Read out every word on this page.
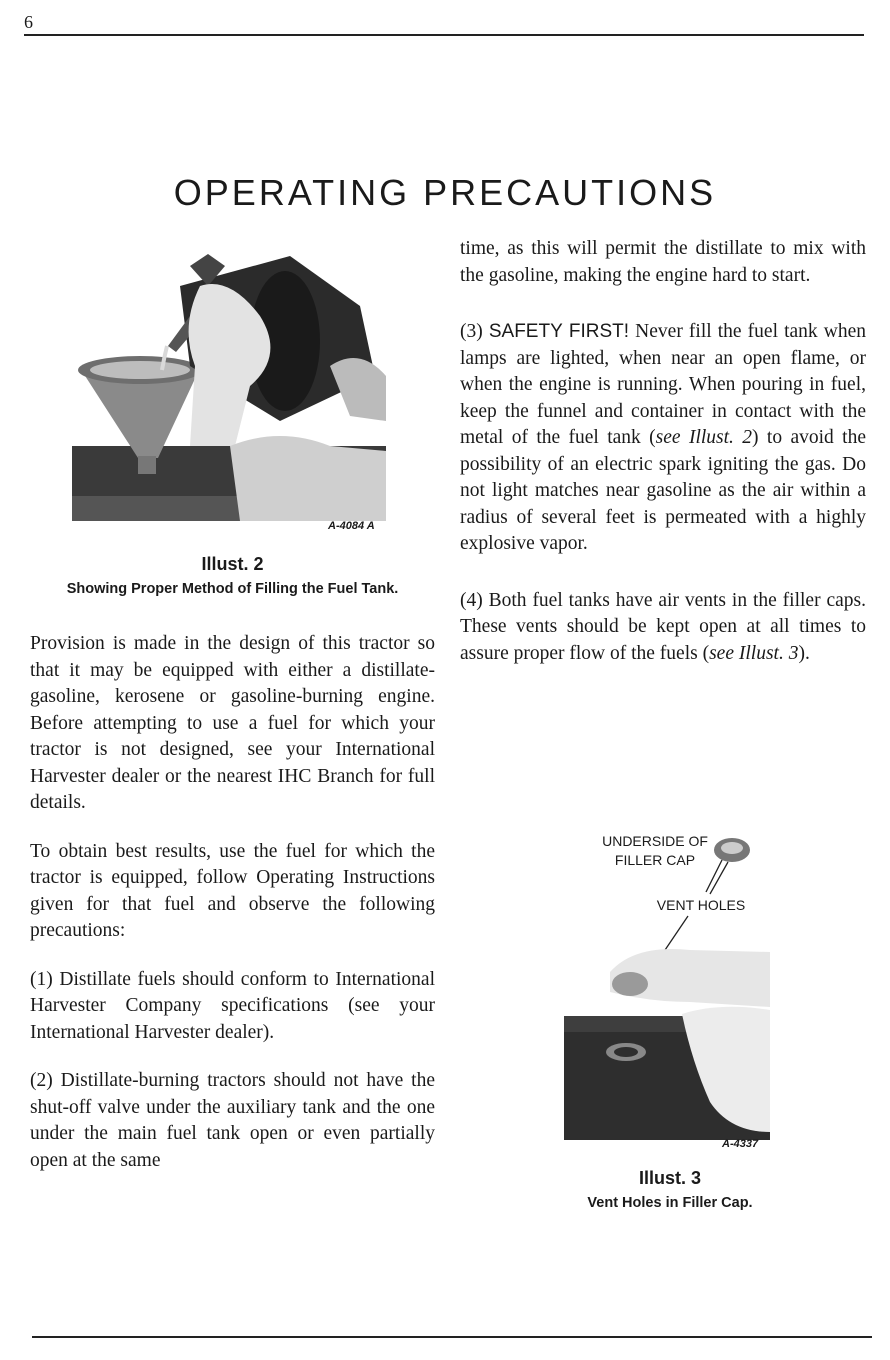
6
OPERATING PRECAUTIONS
A-4084 A
Illust. 2
Showing Proper Method of Filling the Fuel Tank.

Provision is made in the design of this tractor so that it may be equipped with either a distillate-gasoline, kerosene or gasoline-burning engine. Before attempting to use a fuel for which your tractor is not designed, see your International Harvester dealer or the nearest IHC Branch for full details.

To obtain best results, use the fuel for which the tractor is equipped, follow Operating Instructions given for that fuel and observe the following precautions:

(1) Distillate fuels should conform to International Harvester Company specifications (see your International Harvester dealer).

(2) Distillate-burning tractors should not have the shut-off valve under the auxiliary tank and the one under the main fuel tank open or even partially open at the same

time, as this will permit the distillate to mix with the gasoline, making the engine hard to start.

(3) SAFETY FIRST! Never fill the fuel tank when lamps are lighted, when near an open flame, or when the engine is running. When pouring in fuel, keep the funnel and container in contact with the metal of the fuel tank (see Illust. 2) to avoid the possibility of an electric spark igniting the gas. Do not light matches near gasoline as the air within a radius of several feet is permeated with a highly explosive vapor.

(4) Both fuel tanks have air vents in the filler caps. These vents should be kept open at all times to assure proper flow of the fuels (see Illust. 3).

UNDERSIDE OF FILLER CAP
VENT HOLES
A-4337
Illust. 3
Vent Holes in Filler Cap.
